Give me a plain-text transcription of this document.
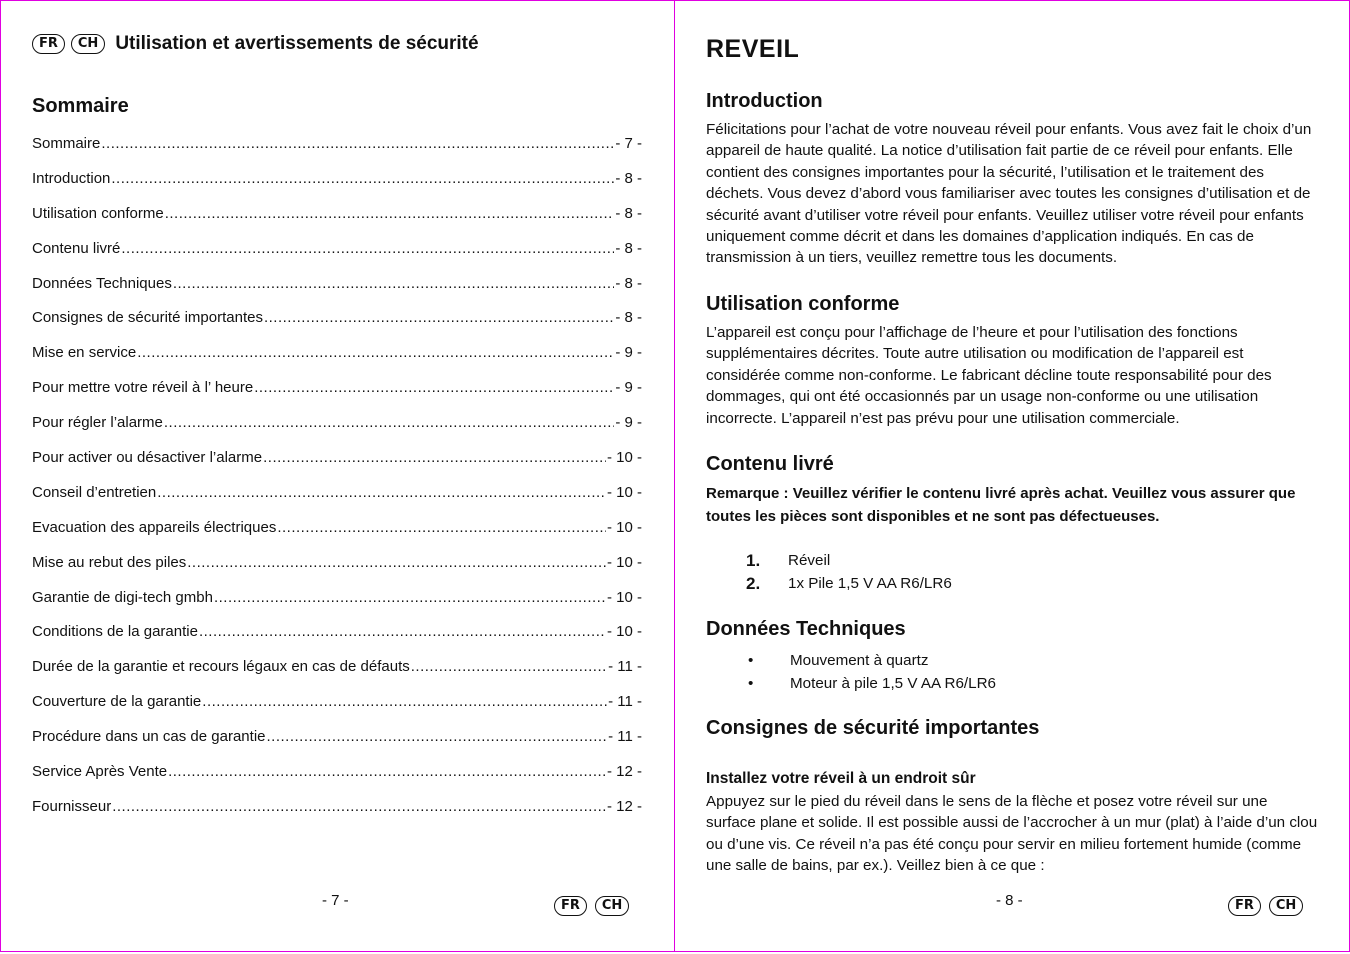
FR	CH Utilisation et avertissements de sécurité
Sommaire
Sommaire .....	- 7 -
Introduction .....	- 8 -
Utilisation conforme .....	- 8 -
Contenu livré .....	- 8 -
Données Techniques .....	- 8 -
Consignes de sécurité importantes .....	- 8 -
Mise en service .....	- 9 -
Pour mettre votre réveil à l’ heure .....	- 9 -
Pour régler l’alarme .....	- 9 -
Pour activer ou désactiver l’alarme .....	- 10 -
Conseil d’entretien .....	- 10 -
Evacuation des appareils électriques .....	- 10 -
Mise au rebut des piles .....	- 10 -
Garantie de digi-tech gmbh .....	- 10 -
Conditions de la garantie .....	- 10 -
Durée de la garantie et recours légaux en cas de défauts .....	- 11 -
Couverture de la garantie .....	- 11 -
Procédure dans un cas de garantie .....	- 11 -
Service Après Vente .....	- 12 -
Fournisseur .....	- 12 -
- 7 -	FR	CH
REVEIL
Introduction

Félicitations pour l’achat de votre nouveau réveil pour enfants. Vous avez fait le choix d’un appareil de haute qualité. La notice d’utilisation fait partie de ce réveil pour enfants. Elle contient des consignes importantes pour la sécurité, l’utilisation et le traitement des déchets. Vous devez d’abord vous familiariser avec toutes les consignes d’utilisation et de sécurité avant d’utiliser votre réveil pour enfants. Veuillez utiliser votre réveil pour enfants uniquement comme décrit et dans les domaines d’application indiqués. En cas de transmission à un tiers, veuillez remettre tous les documents.

Utilisation conforme

L’appareil est conçu pour l’affichage de l’heure et pour l’utilisation des fonctions supplémentaires décrites. Toute autre utilisation ou modification de l’appareil est considérée comme non-conforme. Le fabricant décline toute responsabilité pour des dommages, qui ont été occasionnés par un usage non-conforme ou une utilisation incorrecte. L’appareil n’est pas prévu pour une utilisation commerciale.

Contenu livré

Remarque : Veuillez vérifier le contenu livré après achat. Veuillez vous assurer que toutes les pièces sont disponibles et ne sont pas défectueuses.

1.	Réveil
2.	1x Pile 1,5 V AA R6/LR6
Données Techniques
•	Mouvement à quartz
•	Moteur à pile 1,5 V AA R6/LR6
Consignes de sécurité importantes
Installez votre réveil à un endroit sûr

Appuyez sur le pied du réveil dans le sens de la flèche et posez votre réveil sur une surface plane et solide. Il est possible aussi de l’accrocher à un mur (plat) à l’aide d’un clou ou d’une vis. Ce réveil n’a pas été conçu pour servir en milieu fortement humide (comme une salle de bains, par ex.). Veillez bien à ce que :

- 8 -	FR	CH
